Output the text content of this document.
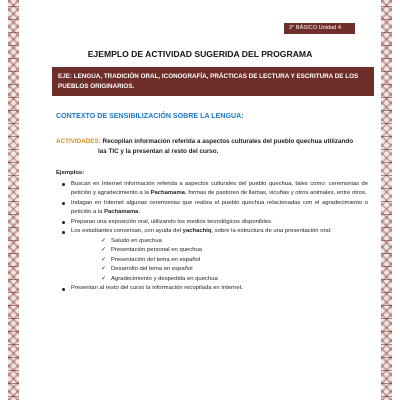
2° BÁSICO Unidad 4
EJEMPLO DE ACTIVIDAD SUGERIDA DEL PROGRAMA
EJE: LENGUA, TRADICIÓN ORAL, ICONOGRAFÍA, PRÁCTICAS DE LECTURA Y ESCRITURA DE LOS
PUEBLOS ORIGINARIOS.
CONTEXTO DE SENSIBILIZACIÓN SOBRE LA LENGUA:
ACTIVIDADES: Recopilan información referida a aspectos culturales del pueblo quechua utilizando
las TIC y la presentan al resto del curso.

Ejemplos:

Buscan en Internet información referida a aspectos culturales del pueblo quechua, tales como: ceremonias de petición y agradecimiento a la Pachamama, formas de pastoreo de llamas, vicuñas y otros animales, entre otros.
Indagan en Internet algunas ceremonias que realiza el pueblo quechua relacionadas con el agradecimiento o petición a la Pachamama.
Preparan una exposición oral, utilizando los medios tecnológicos disponibles.
Los estudiantes conversan, con ayuda del yachachiq, sobre la estructura de una presentación oral:
✓ Saludo en quechua
✓ Presentación personal en quechua
✓ Presentación del tema en español
✓ Desarrollo del tema en español
✓ Agradecimiento y despedida en quechua
Presentan al resto del curso la información recopilada en Internet.
